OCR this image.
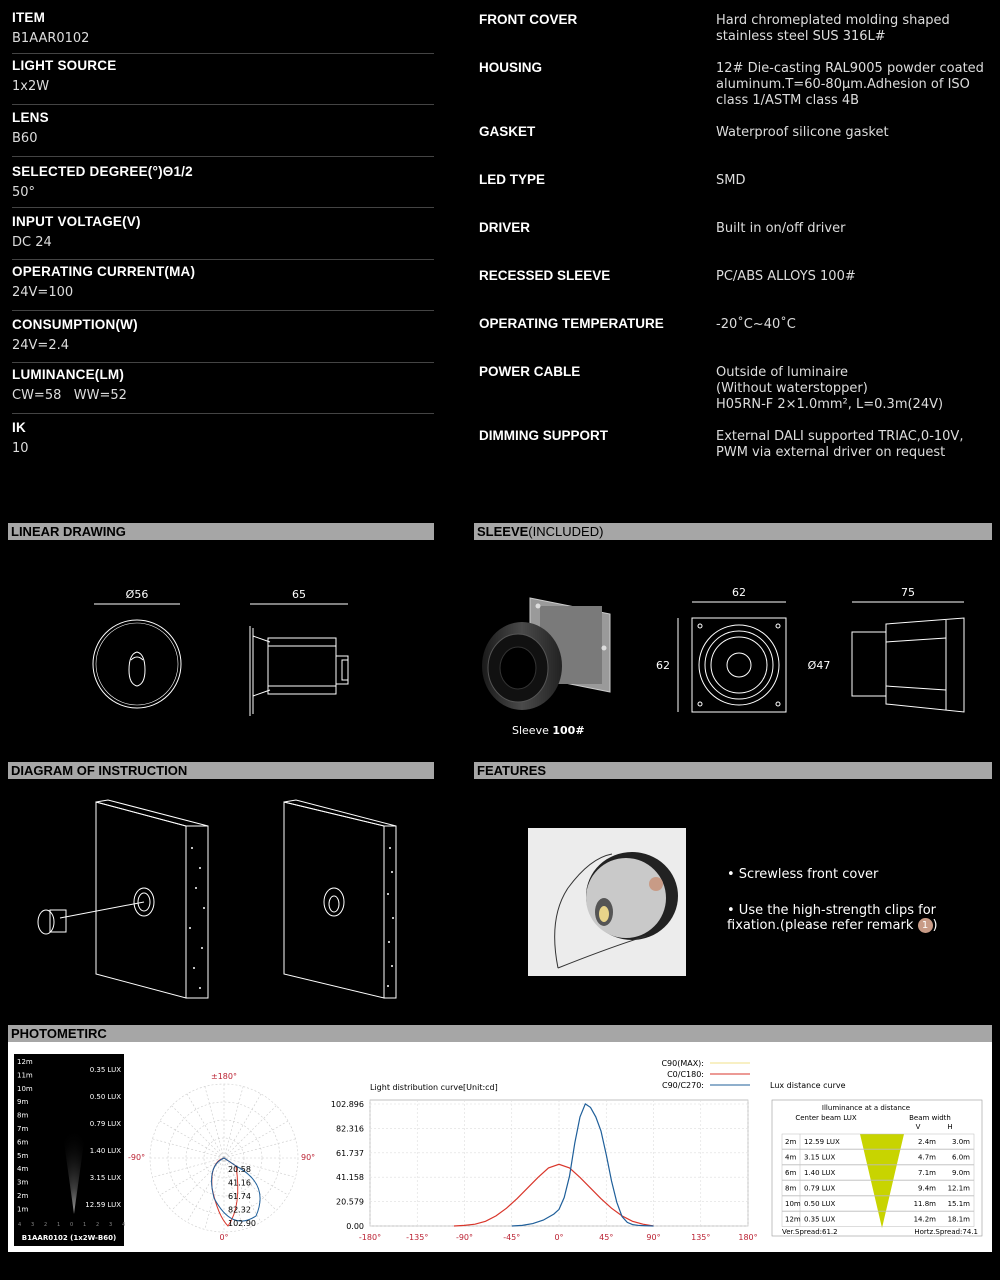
ITEM
B1AAR0102
LIGHT SOURCE
1x2W
LENS
B60
SELECTED DEGREE(°)Θ1/2
50°
INPUT VOLTAGE(V)
DC 24
OPERATING CURRENT(MA)
24V=100
CONSUMPTION(W)
24V=2.4
LUMINANCE(LM)
CW=58   WW=52
IK
10
FRONT COVER	Hard chromeplated molding shaped
stainless steel SUS 316L#
HOUSING	12# Die-casting RAL9005 powder coated
aluminum.T=60-80μm.Adhesion of ISO
class 1/ASTM class 4B
GASKET	Waterproof silicone gasket
LED TYPE	SMD
DRIVER	Built in on/off driver
RECESSED SLEEVE	PC/ABS ALLOYS 100#
OPERATING TEMPERATURE	-20˚C~40˚C
POWER CABLE	Outside of luminaire
(Without waterstopper)
H05RN-F 2×1.0mm², L=0.3m(24V)
DIMMING SUPPORT	External DALI supported TRIAC,0-10V,
PWM via external driver on request
LINEAR DRAWING	SLEEVE(INCLUDED)
DIAGRAM OF INSTRUCTION	FEATURES
PHOTOMETIRC
Ø56	65
Sleeve 100#
62
62	Ø47
75
• Screwless front cover
• Use the high-strength clips for
fixation.(please refer remark 1 )
12m
11m
10m
9m
8m
7m
6m
5m
4m
3m
2m
1m
0.35 LUX
0.50 LUX
0.79 LUX
1.40 LUX
3.15 LUX
12.59 LUX
4 3 2 1 0 1 2 3 4
B1AAR0102 (1x2W-B60)
±180°
-90°	90°
0°
20.58
41.16
61.74
82.32
102.90
Light distribution curve[Unit:cd]
C90(MAX):
C0/C180:
C90/C270:
0.00
20.579
41.158
61.737
82.316
102.896
-180°	-135°	-90°	-45°	0°	45°	90°	135°	180°
Lux distance curve
Illuminance at a distance
Center beam LUX	Beam width
V	H
2m 12.59 LUX	2.4m 3.0m
4m 3.15 LUX	4.7m 6.0m
6m 1.40 LUX	7.1m 9.0m
8m 0.79 LUX	9.4m 12.1m
10m 0.50 LUX	11.8m 15.1m
12m 0.35 LUX	14.2m 18.1m
Ver.Spread:61.2	Hortz.Spread:74.1
